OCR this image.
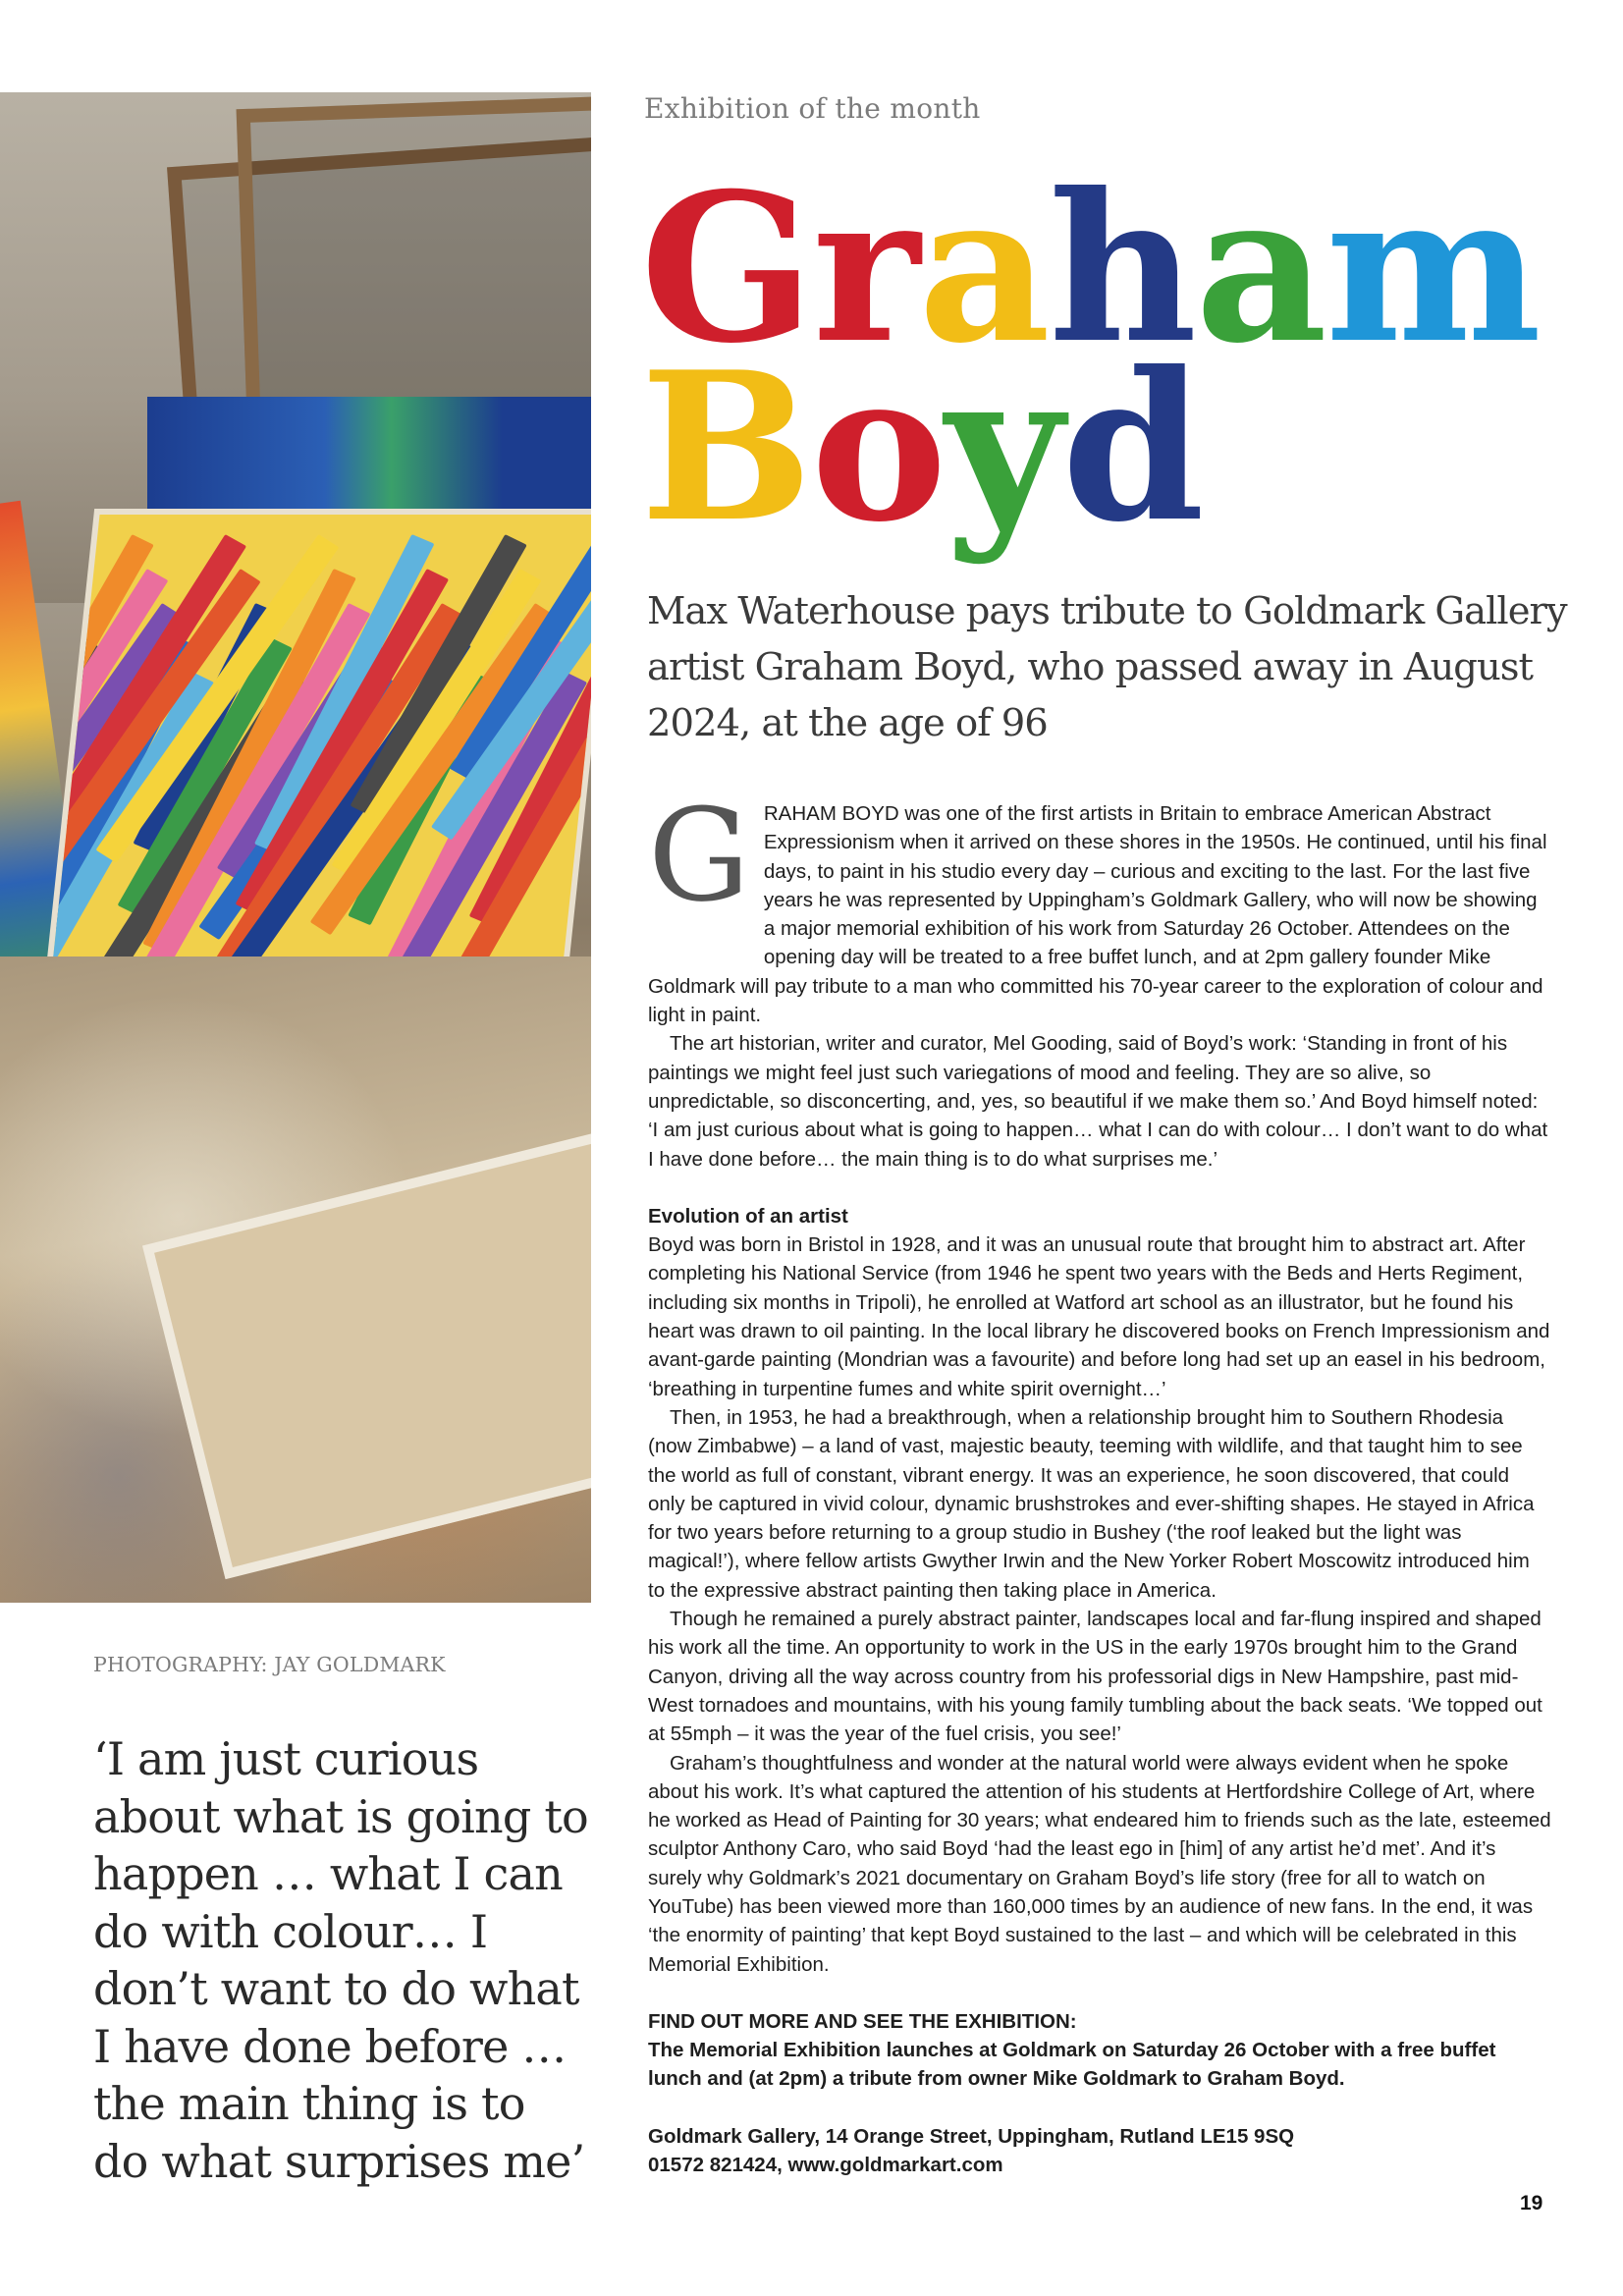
Exhibition of the month
Graham
Boyd
Max Waterhouse pays tribute to Goldmark Gallery artist Graham Boyd, who passed away in August 2024, at the age of 96
G RAHAM BOYD was one of the first artists in Britain to embrace American Abstract Expressionism when it arrived on these shores in the 1950s. He continued, until his final days, to paint in his studio every day – curious and exciting to the last. For the last five years he was represented by Uppingham’s Goldmark Gallery, who will now be showing a major memorial exhibition of his work from Saturday 26 October. Attendees on the opening day will be treated to a free buffet lunch, and at 2pm gallery founder Mike Goldmark will pay tribute to a man who committed his 70-year career to the exploration of colour and light in paint.

The art historian, writer and curator, Mel Gooding, said of Boyd’s work: ‘Standing in front of his paintings we might feel just such variegations of mood and feeling. They are so alive, so unpredictable, so disconcerting, and, yes, so beautiful if we make them so.’ And Boyd himself noted: ‘I am just curious about what is going to happen… what I can do with colour… I don’t want to do what I have done before… the main thing is to do what surprises me.’

Evolution of an artist

Boyd was born in Bristol in 1928, and it was an unusual route that brought him to abstract art. After completing his National Service (from 1946 he spent two years with the Beds and Herts Regiment, including six months in Tripoli), he enrolled at Watford art school as an illustrator, but he found his heart was drawn to oil painting. In the local library he discovered books on French Impressionism and avant-garde painting (Mondrian was a favourite) and before long had set up an easel in his bedroom, ‘breathing in turpentine fumes and white spirit overnight…’

Then, in 1953, he had a breakthrough, when a relationship brought him to Southern Rhodesia (now Zimbabwe) – a land of vast, majestic beauty, teeming with wildlife, and that taught him to see the world as full of constant, vibrant energy. It was an experience, he soon discovered, that could only be captured in vivid colour, dynamic brushstrokes and ever-shifting shapes. He stayed in Africa for two years before returning to a group studio in Bushey (‘the roof leaked but the light was magical!’), where fellow artists Gwyther Irwin and the New Yorker Robert Moscowitz introduced him to the expressive abstract painting then taking place in America.

Though he remained a purely abstract painter, landscapes local and far-flung inspired and shaped his work all the time. An opportunity to work in the US in the early 1970s brought him to the Grand Canyon, driving all the way across country from his professorial digs in New Hampshire, past mid-West tornadoes and mountains, with his young family tumbling about the back seats. ‘We topped out at 55mph – it was the year of the fuel crisis, you see!’

Graham’s thoughtfulness and wonder at the natural world were always evident when he spoke about his work. It’s what captured the attention of his students at Hertfordshire College of Art, where he worked as Head of Painting for 30 years; what endeared him to friends such as the late, esteemed sculptor Anthony Caro, who said Boyd ‘had the least ego in [him] of any artist he’d met’. And it’s surely why Goldmark’s 2021 documentary on Graham Boyd’s life story (free for all to watch on YouTube) has been viewed more than 160,000 times by an audience of new fans. In the end, it was ‘the enormity of painting’ that kept Boyd sustained to the last – and which will be celebrated in this Memorial Exhibition.

FIND OUT MORE AND SEE THE EXHIBITION:

The Memorial Exhibition launches at Goldmark on Saturday 26 October with a free buffet lunch and (at 2pm) a tribute from owner Mike Goldmark to Graham Boyd.

Goldmark Gallery, 14 Orange Street, Uppingham, Rutland LE15 9SQ

01572 821424, www.goldmarkart.com

PHOTOGRAPHY: JAY GOLDMARK
‘I am just curious about what is going to happen … what I can do with colour… I don’t want to do what I have done before … the main thing is to do what surprises me’
19
